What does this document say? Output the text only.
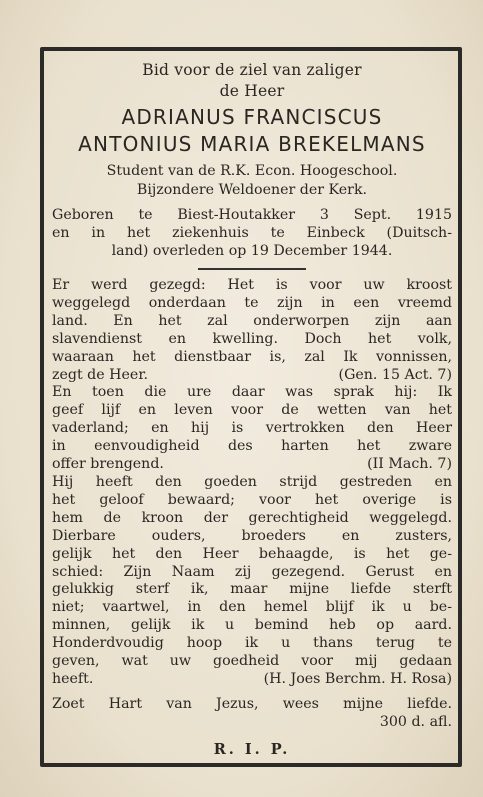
Bid voor de ziel van zaliger
de Heer
ADRIANUS FRANCISCUS
ANTONIUS MARIA BREKELMANS
Student van de R.K. Econ. Hoogeschool.
Bijzondere Weldoener der Kerk.
Geboren te Biest-Houtakker 3 Sept. 1915
en in het ziekenhuis te Einbeck (Duitsch-
land) overleden op 19 December 1944.
Er werd gezegd: Het is voor uw kroost
weggelegd onderdaan te zijn in een vreemd
land. En het zal onderworpen zijn aan
slavendienst en kwelling. Doch het volk,
waaraan het dienstbaar is, zal Ik vonnissen,
zegt de Heer.	(Gen. 15 Act. 7)
En toen die ure daar was sprak hij: Ik
geef lijf en leven voor de wetten van het
vaderland; en hij is vertrokken den Heer
in eenvoudigheid des harten het zware
offer brengend.	(II Mach. 7)
Hij heeft den goeden strijd gestreden en
het geloof bewaard; voor het overige is
hem de kroon der gerechtigheid weggelegd.
Dierbare ouders, broeders en zusters,
gelijk het den Heer behaagde, is het ge-
schied: Zijn Naam zij gezegend. Gerust en
gelukkig sterf ik, maar mijne liefde sterft
niet; vaartwel, in den hemel blijf ik u be-
minnen, gelijk ik u bemind heb op aard.
Honderdvoudig hoop ik u thans terug te
geven, wat uw goedheid voor mij gedaan
heeft.	(H. Joes Berchm. H. Rosa)
Zoet Hart van Jezus, wees mijne liefde.
300 d. afl.
R. I. P.
